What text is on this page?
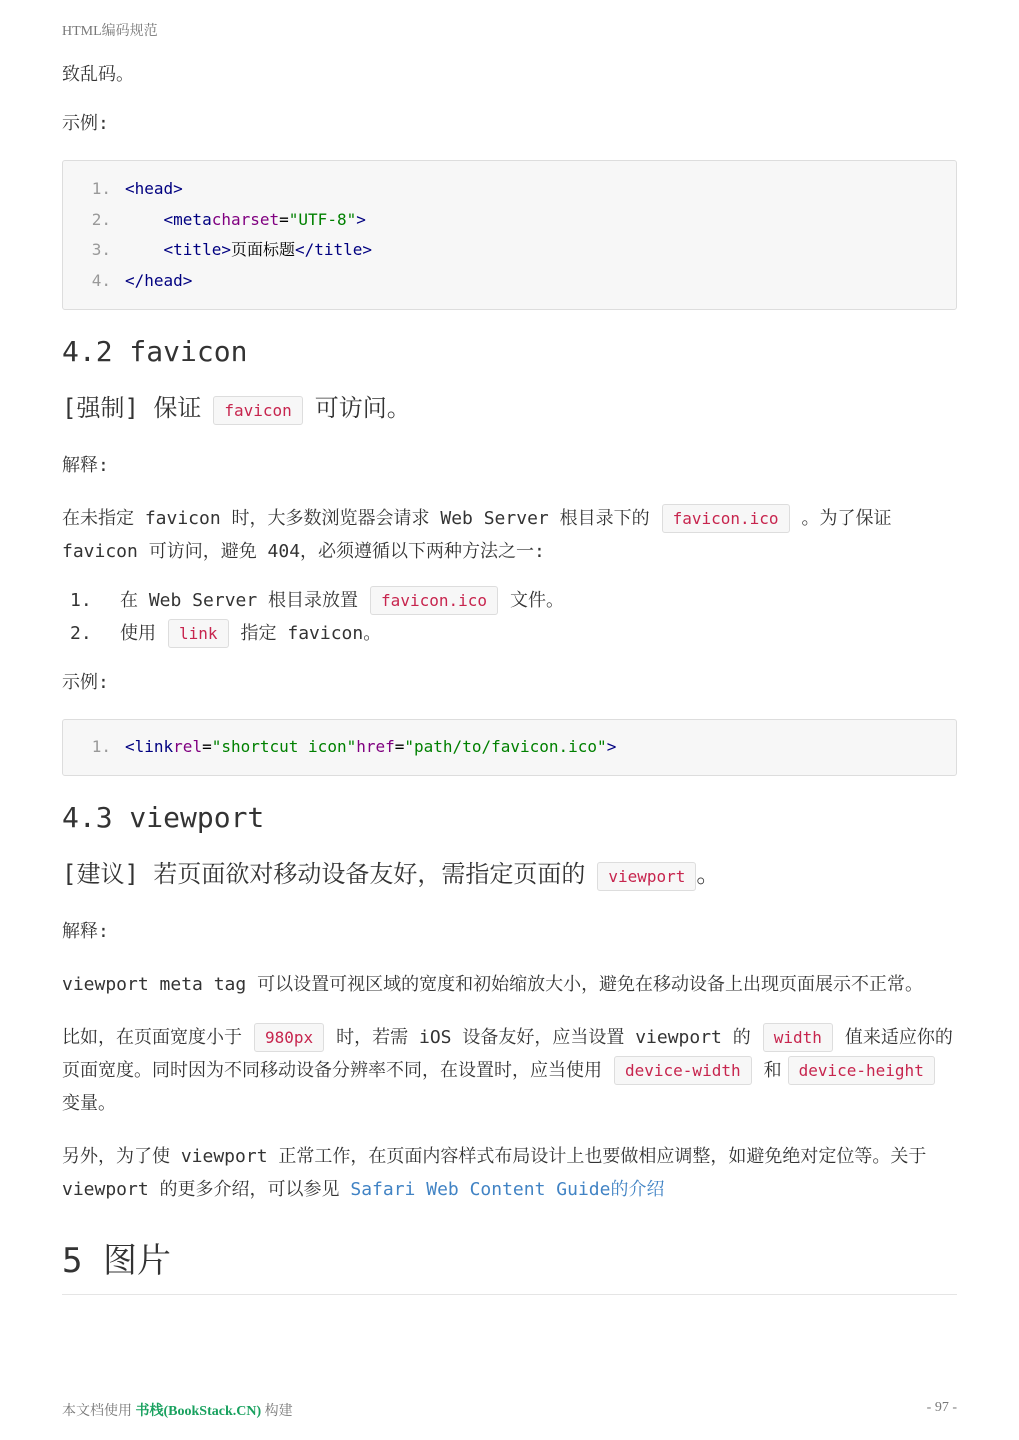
HTML编码规范

致乱码。

示例:

1. <head>
2.
	<meta charset = "UTF-8" >
3.
	<title> 页面标题 </title>
4. </head>
4.2 favicon
[强制] 保证 favicon 可访问。

解释:

在未指定 favicon 时，大多数浏览器会请求 Web Server 根目录下的 favicon.ico 。为了保证 favicon 可访问，避免 404，必须遵循以下两种方法之一:

1.	在 Web Server 根目录放置 favicon.ico 文件。
2.	使用 link 指定 favicon。

示例:

1. <link rel = "shortcut icon" href = "path/to/favicon.ico" >
4.3 viewport
[建议] 若页面欲对移动设备友好，需指定页面的 viewport 。

解释:

viewport meta tag 可以设置可视区域的宽度和初始缩放大小，避免在移动设备上出现页面展示不正常。

比如，在页面宽度小于 980px 时，若需 iOS 设备友好，应当设置 viewport 的 width 值来适应你的页面宽度。同时因为不同移动设备分辨率不同，在设置时，应当使用 device-width 和 device-height变量。

另外，为了使 viewport 正常工作，在页面内容样式布局设计上也要做相应调整，如避免绝对定位等。关于 viewport 的更多介绍，可以参见 Safari Web Content Guide的介绍

5 图片
本文档使用 书栈(BookStack.CN) 构建	- 97 -
